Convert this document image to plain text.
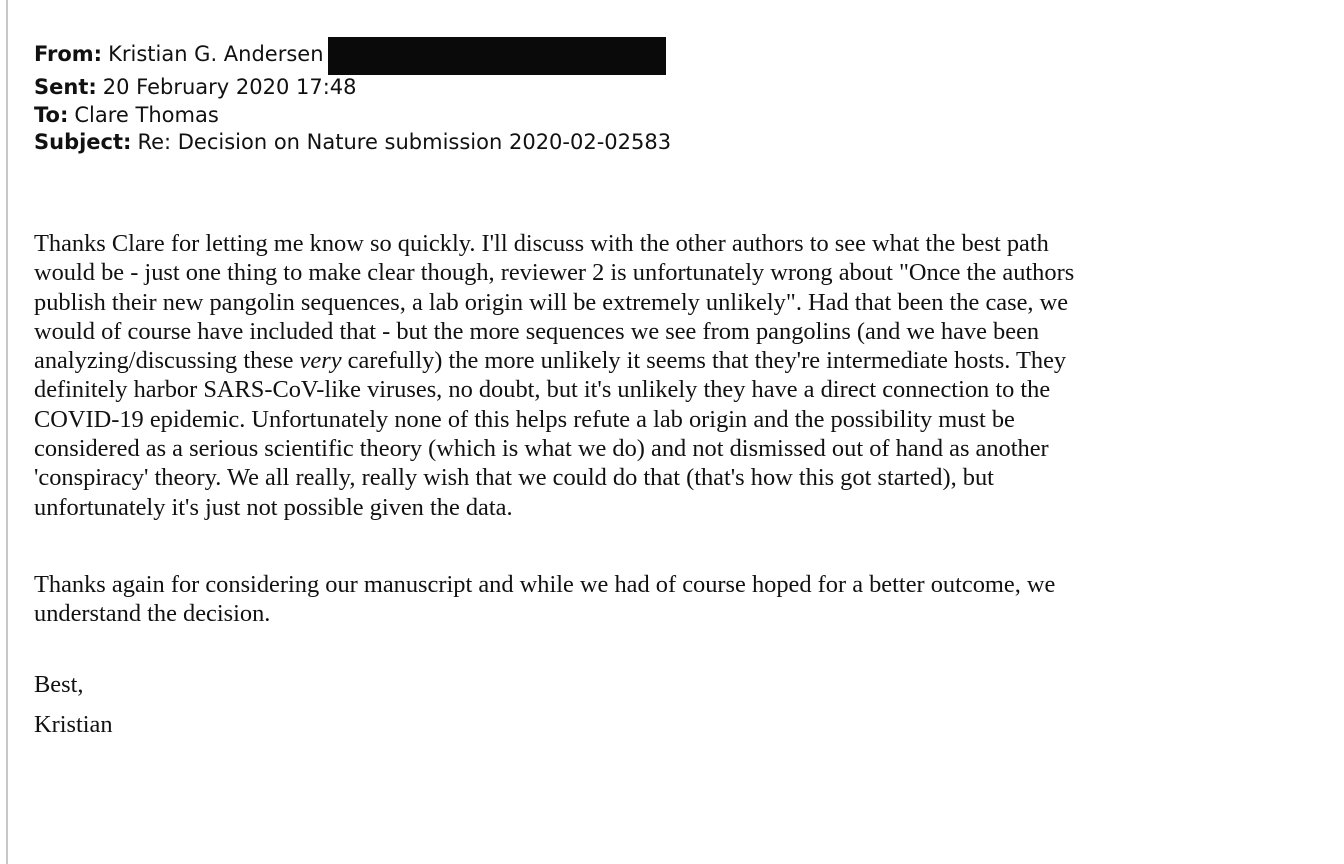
From: Kristian G. Andersen
Sent: 20 February 2020 17:48
To: Clare Thomas
Subject: Re: Decision on Nature submission 2020-02-02583
Thanks Clare for letting me know so quickly. I'll discuss with the other authors to see what the best path
would be - just one thing to make clear though, reviewer 2 is unfortunately wrong about "Once the authors
publish their new pangolin sequences, a lab origin will be extremely unlikely". Had that been the case, we
would of course have included that - but the more sequences we see from pangolins (and we have been
analyzing/discussing these very carefully) the more unlikely it seems that they're intermediate hosts. They
definitely harbor SARS-CoV-like viruses, no doubt, but it's unlikely they have a direct connection to the
COVID-19 epidemic. Unfortunately none of this helps refute a lab origin and the possibility must be
considered as a serious scientific theory (which is what we do) and not dismissed out of hand as another
'conspiracy' theory. We all really, really wish that we could do that (that's how this got started), but
unfortunately it's just not possible given the data.
Thanks again for considering our manuscript and while we had of course hoped for a better outcome, we
understand the decision.
Best,
Kristian
